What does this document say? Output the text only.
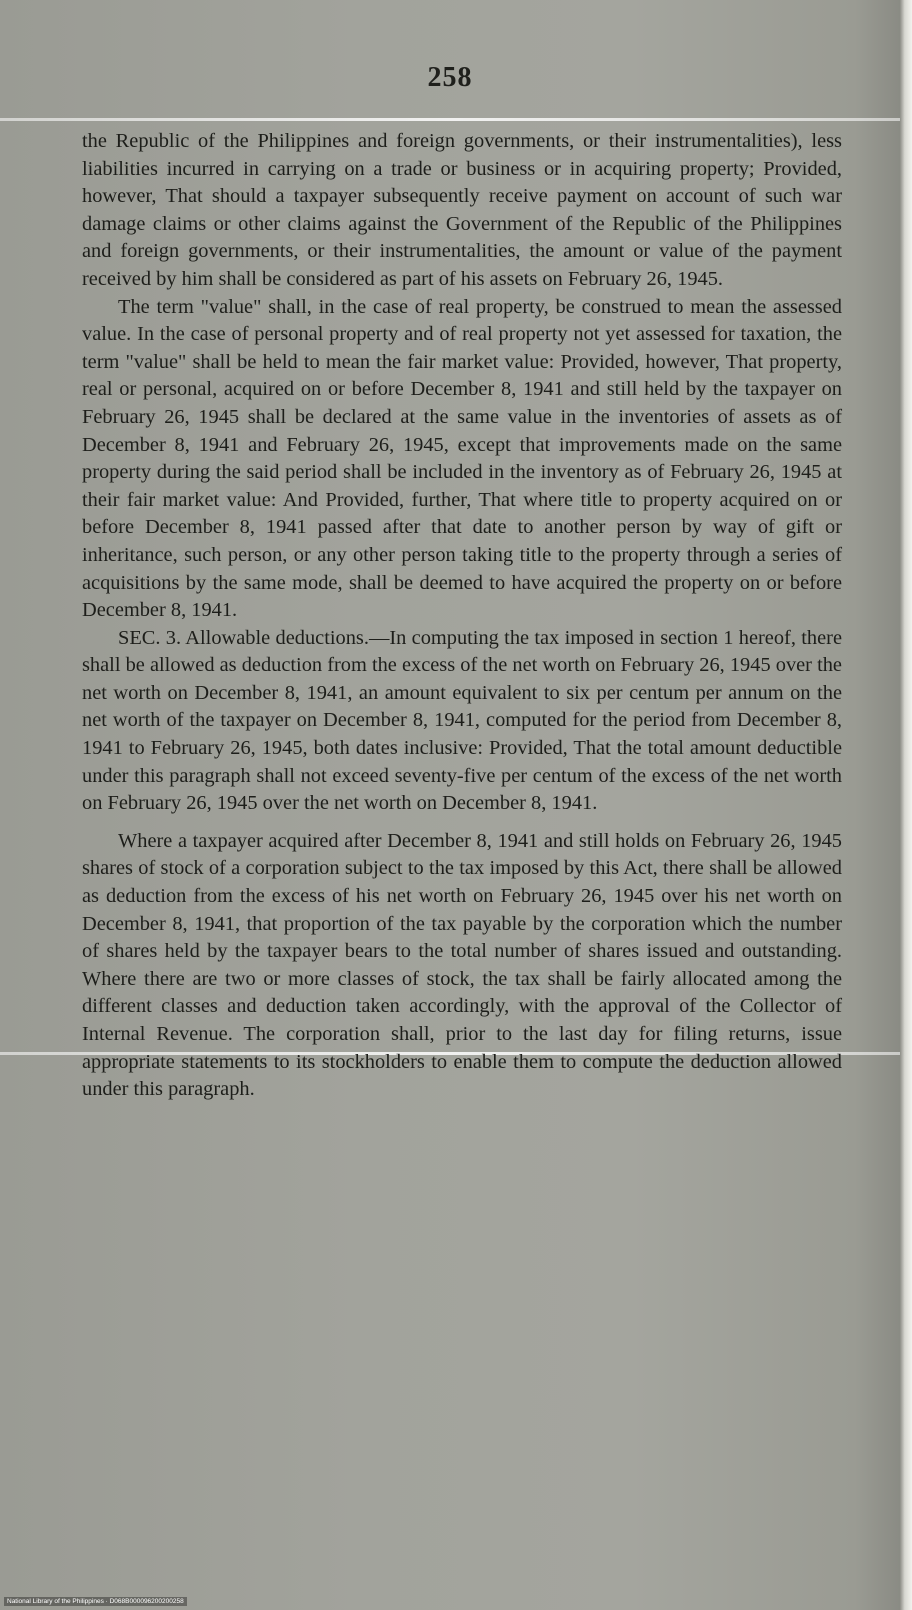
258

the Republic of the Philippines and foreign governments, or their instrumentalities), less liabilities incurred in carrying on a trade or business or in acquiring property; Provided, however, That should a taxpayer subsequently receive payment on account of such war damage claims or other claims against the Government of the Republic of the Philippines and foreign governments, or their instrumentalities, the amount or value of the payment received by him shall be considered as part of his assets on February 26, 1945.

The term "value" shall, in the case of real property, be construed to mean the assessed value. In the case of personal property and of real property not yet assessed for taxation, the term "value" shall be held to mean the fair market value: Provided, however, That property, real or personal, acquired on or before December 8, 1941 and still held by the taxpayer on February 26, 1945 shall be declared at the same value in the inventories of assets as of December 8, 1941 and February 26, 1945, except that improvements made on the same property during the said period shall be included in the inventory as of February 26, 1945 at their fair market value: And Provided, further, That where title to property acquired on or before December 8, 1941 passed after that date to another person by way of gift or inheritance, such person, or any other person taking title to the property through a series of acquisitions by the same mode, shall be deemed to have acquired the property on or before December 8, 1941.

SEC. 3. Allowable deductions.—In computing the tax imposed in section 1 hereof, there shall be allowed as deduction from the excess of the net worth on February 26, 1945 over the net worth on December 8, 1941, an amount equivalent to six per centum per annum on the net worth of the taxpayer on December 8, 1941, computed for the period from December 8, 1941 to February 26, 1945, both dates inclusive: Provided, That the total amount deductible under this paragraph shall not exceed seventy-five per centum of the excess of the net worth on February 26, 1945 over the net worth on December 8, 1941.

Where a taxpayer acquired after December 8, 1941 and still holds on February 26, 1945 shares of stock of a corporation subject to the tax imposed by this Act, there shall be allowed as deduction from the excess of his net worth on February 26, 1945 over his net worth on December 8, 1941, that proportion of the tax payable by the corporation which the number of shares held by the taxpayer bears to the total number of shares issued and outstanding. Where there are two or more classes of stock, the tax shall be fairly allocated among the different classes and deduction taken accordingly, with the approval of the Collector of Internal Revenue. The corporation shall, prior to the last day for filing returns, issue appropriate statements to its stockholders to enable them to compute the deduction allowed under this paragraph.

National Library of the Philippines · D068B000096200200258
